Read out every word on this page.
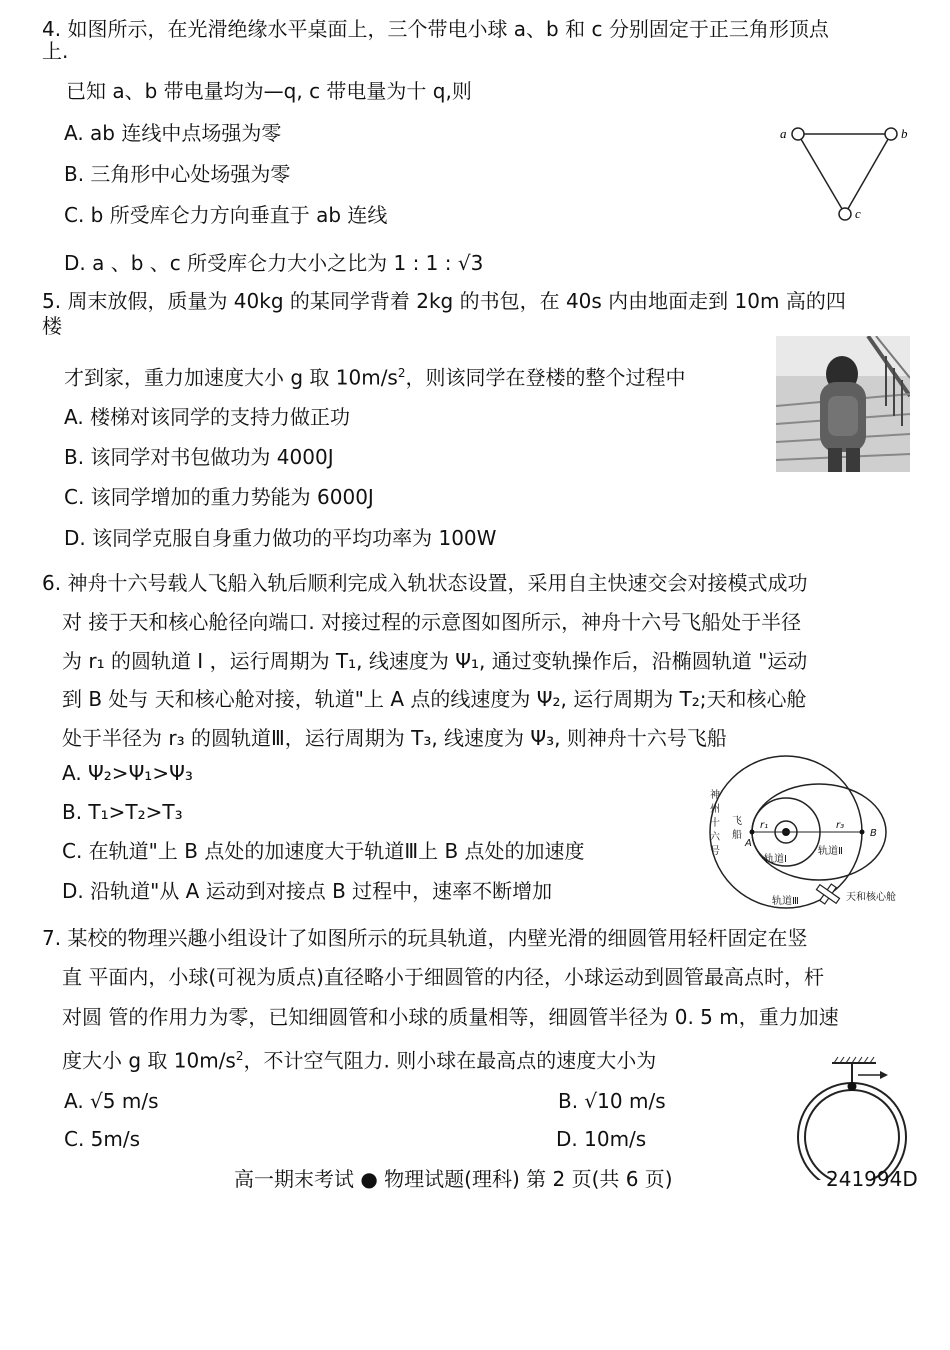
4. 如图所示，在光滑绝缘水平桌面上，三个带电小球 a、b 和 c 分别固定于正三角形顶点
上.
已知 a、b 带电量均为—q, c 带电量为十 q,则
A. ab 连线中点场强为零
B. 三角形中心处场强为零
C. b 所受库仑力方向垂直于 ab 连线
D. a 、b 、c 所受库仑力大小之比为 1 : 1 : √3
a	b
c
5. 周末放假，质量为 40kg 的某同学背着 2kg 的书包，在 40s 内由地面走到 10m 高的四
楼
才到家，重力加速度大小 g 取 $10m/s^2$，则该同学在登楼的整个过程中
A. 楼梯对该同学的支持力做正功
B. 该同学对书包做功为 4000J
C. 该同学增加的重力势能为 6000J
D. 该同学克服自身重力做功的平均功率为 100W
6. 神舟十六号载人飞船入轨后顺利完成入轨状态设置，采用自主快速交会对接模式成功
对 接于天和核心舱径向端口. 对接过程的示意图如图所示，神舟十六号飞船处于半径
为 r₁ 的圆轨道 I ，运行周期为 T₁, 线速度为 Ψ₁, 通过变轨操作后，沿椭圆轨道 "运动
到 B 处与 天和核心舱对接，轨道"上 A 点的线速度为 Ψ₂, 运行周期为 T₂;天和核心舱
处于半径为 r₃ 的圆轨道Ⅲ，运行周期为 T₃, 线速度为 Ψ₃, 则神舟十六号飞船
A. Ψ₂>Ψ₁>Ψ₃
B. T₁>T₂>T₃
C. 在轨道"上 B 点处的加速度大于轨道Ⅲ上 B 点处的加速度
D. 沿轨道"从 A 运动到对接点 B 过程中，速率不断增加
神
州
十
六
号
飞
船
r₁	r₃
A
B
轨道Ⅰ
轨道Ⅱ
轨道Ⅲ	天和核心舱
7. 某校的物理兴趣小组设计了如图所示的玩具轨道，内壁光滑的细圆管用轻杆固定在竖
直 平面内，小球(可视为质点)直径略小于细圆管的内径，小球运动到圆管最高点时，杆
对圆 管的作用力为零，已知细圆管和小球的质量相等，细圆管半径为 0. 5 m，重力加速
度大小 g 取 $10m/s^2$，不计空气阻力. 则小球在最高点的速度大小为
A. √5 m/s	B. √10 m/s
C. 5m/s	D. 10m/s
高一期末考试 ● 物理试题(理科) 第 2 页(共 6 页)	241994D
